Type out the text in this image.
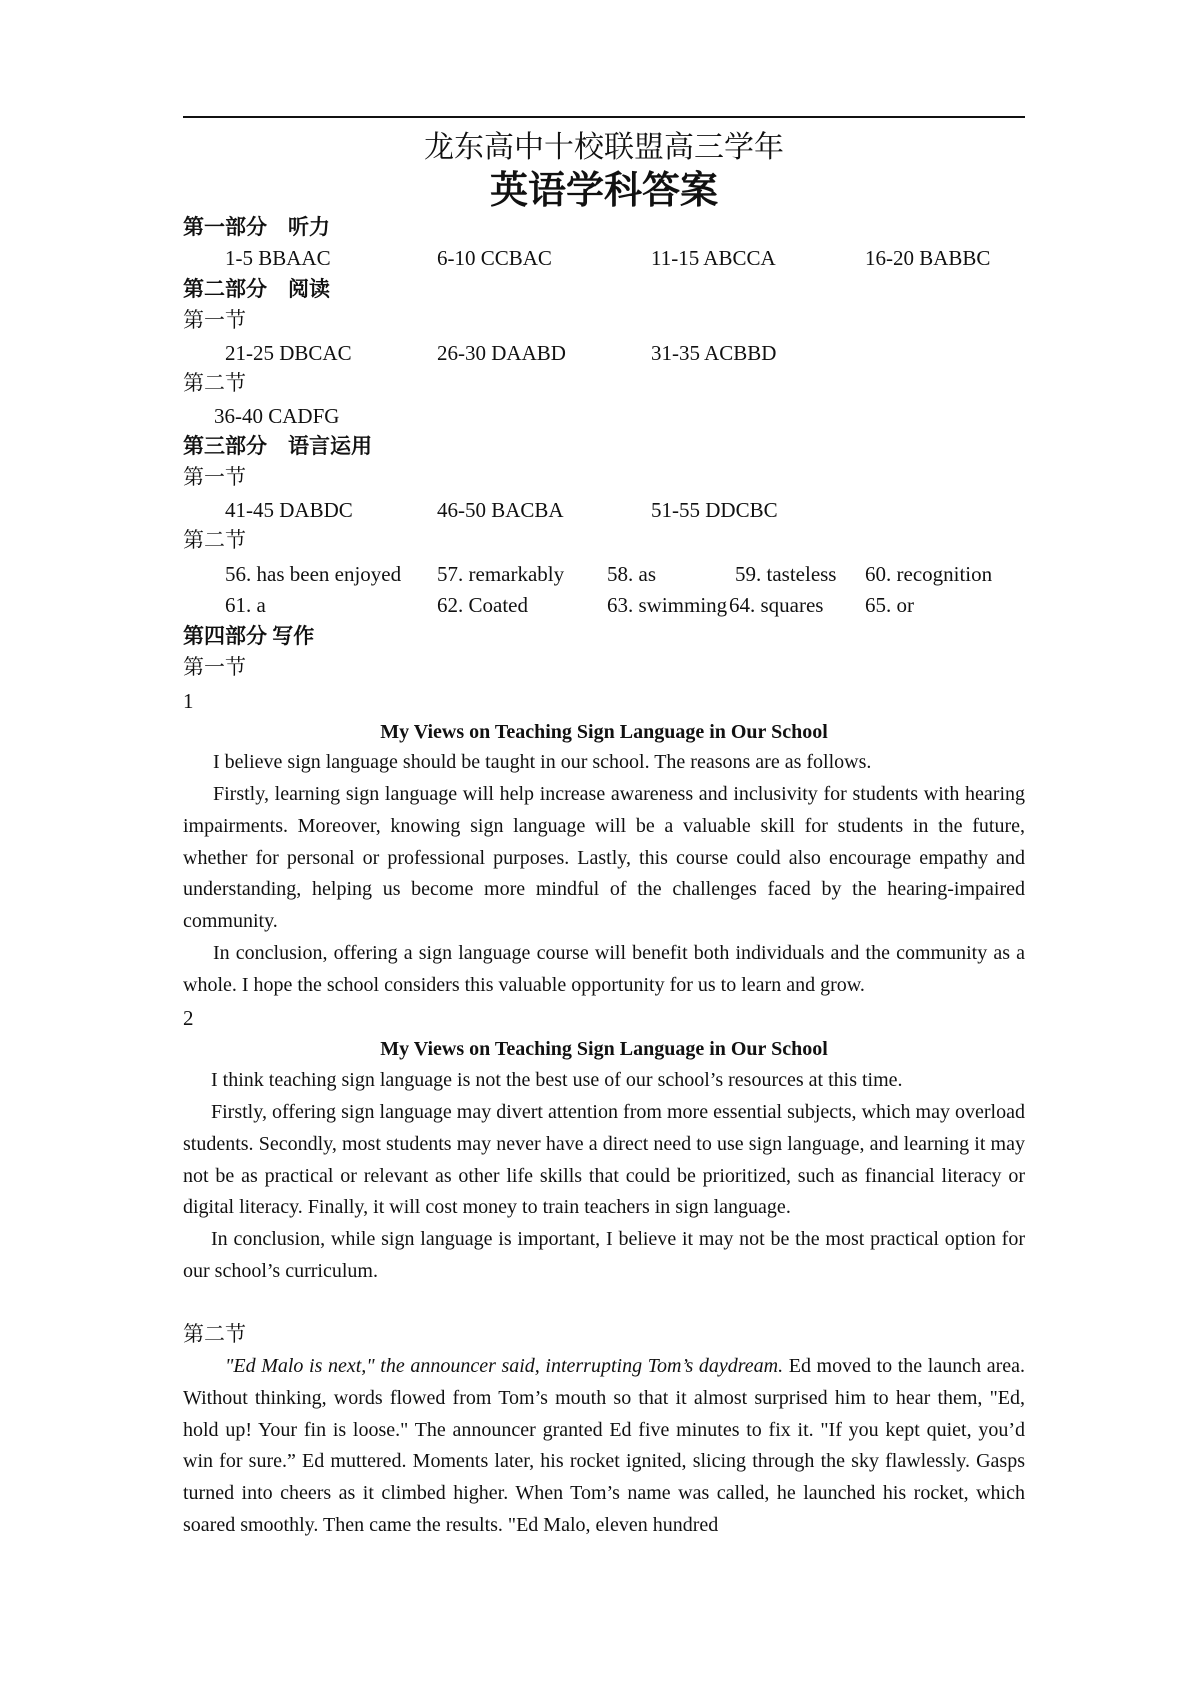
龙东高中十校联盟高三学年
英语学科答案
第一部分　听力
1-5 BBAAC	6-10 CCBAC	11-15 ABCCA	16-20 BABBC
第二部分　阅读
第一节
21-25 DBCAC	26-30 DAABD	31-35 ACBBD
第二节
36-40 CADFG
第三部分　语言运用
第一节
41-45 DABDC	46-50 BACBA	51-55 DDCBC
第二节
56. has been enjoyed 57. remarkably 58. as	59. tasteless 60. recognition
61. a	62. Coated	63. swimming 64. squares 65. or
第四部分 写作
第一节
1
My Views on Teaching Sign Language in Our School
I believe sign language should be taught in our school. The reasons are as follows.
Firstly, learning sign language will help increase awareness and inclusivity for students with hearing impairments. Moreover, knowing sign language will be a valuable skill for students in the future, whether for personal or professional purposes. Lastly, this course could also encourage empathy and understanding, helping us become more mindful of the challenges faced by the hearing-impaired community.
In conclusion, offering a sign language course will benefit both individuals and the community as a whole. I hope the school considers this valuable opportunity for us to learn and grow.
2
My Views on Teaching Sign Language in Our School
I think teaching sign language is not the best use of our school’s resources at this time.
Firstly, offering sign language may divert attention from more essential subjects, which may overload students. Secondly, most students may never have a direct need to use sign language, and learning it may not be as practical or relevant as other life skills that could be prioritized, such as financial literacy or digital literacy. Finally, it will cost money to train teachers in sign language.
In conclusion, while sign language is important, I believe it may not be the most practical option for our school’s curriculum.
第二节
"Ed Malo is next," the announcer said, interrupting Tom’s daydream. Ed moved to the launch area. Without thinking, words flowed from Tom’s mouth so that it almost surprised him to hear them, "Ed, hold up! Your fin is loose." The announcer granted Ed five minutes to fix it. "If you kept quiet, you’d win for sure.” Ed muttered. Moments later, his rocket ignited, slicing through the sky flawlessly. Gasps turned into cheers as it climbed higher. When Tom’s name was called, he launched his rocket, which soared smoothly. Then came the results. "Ed Malo, eleven hundred
